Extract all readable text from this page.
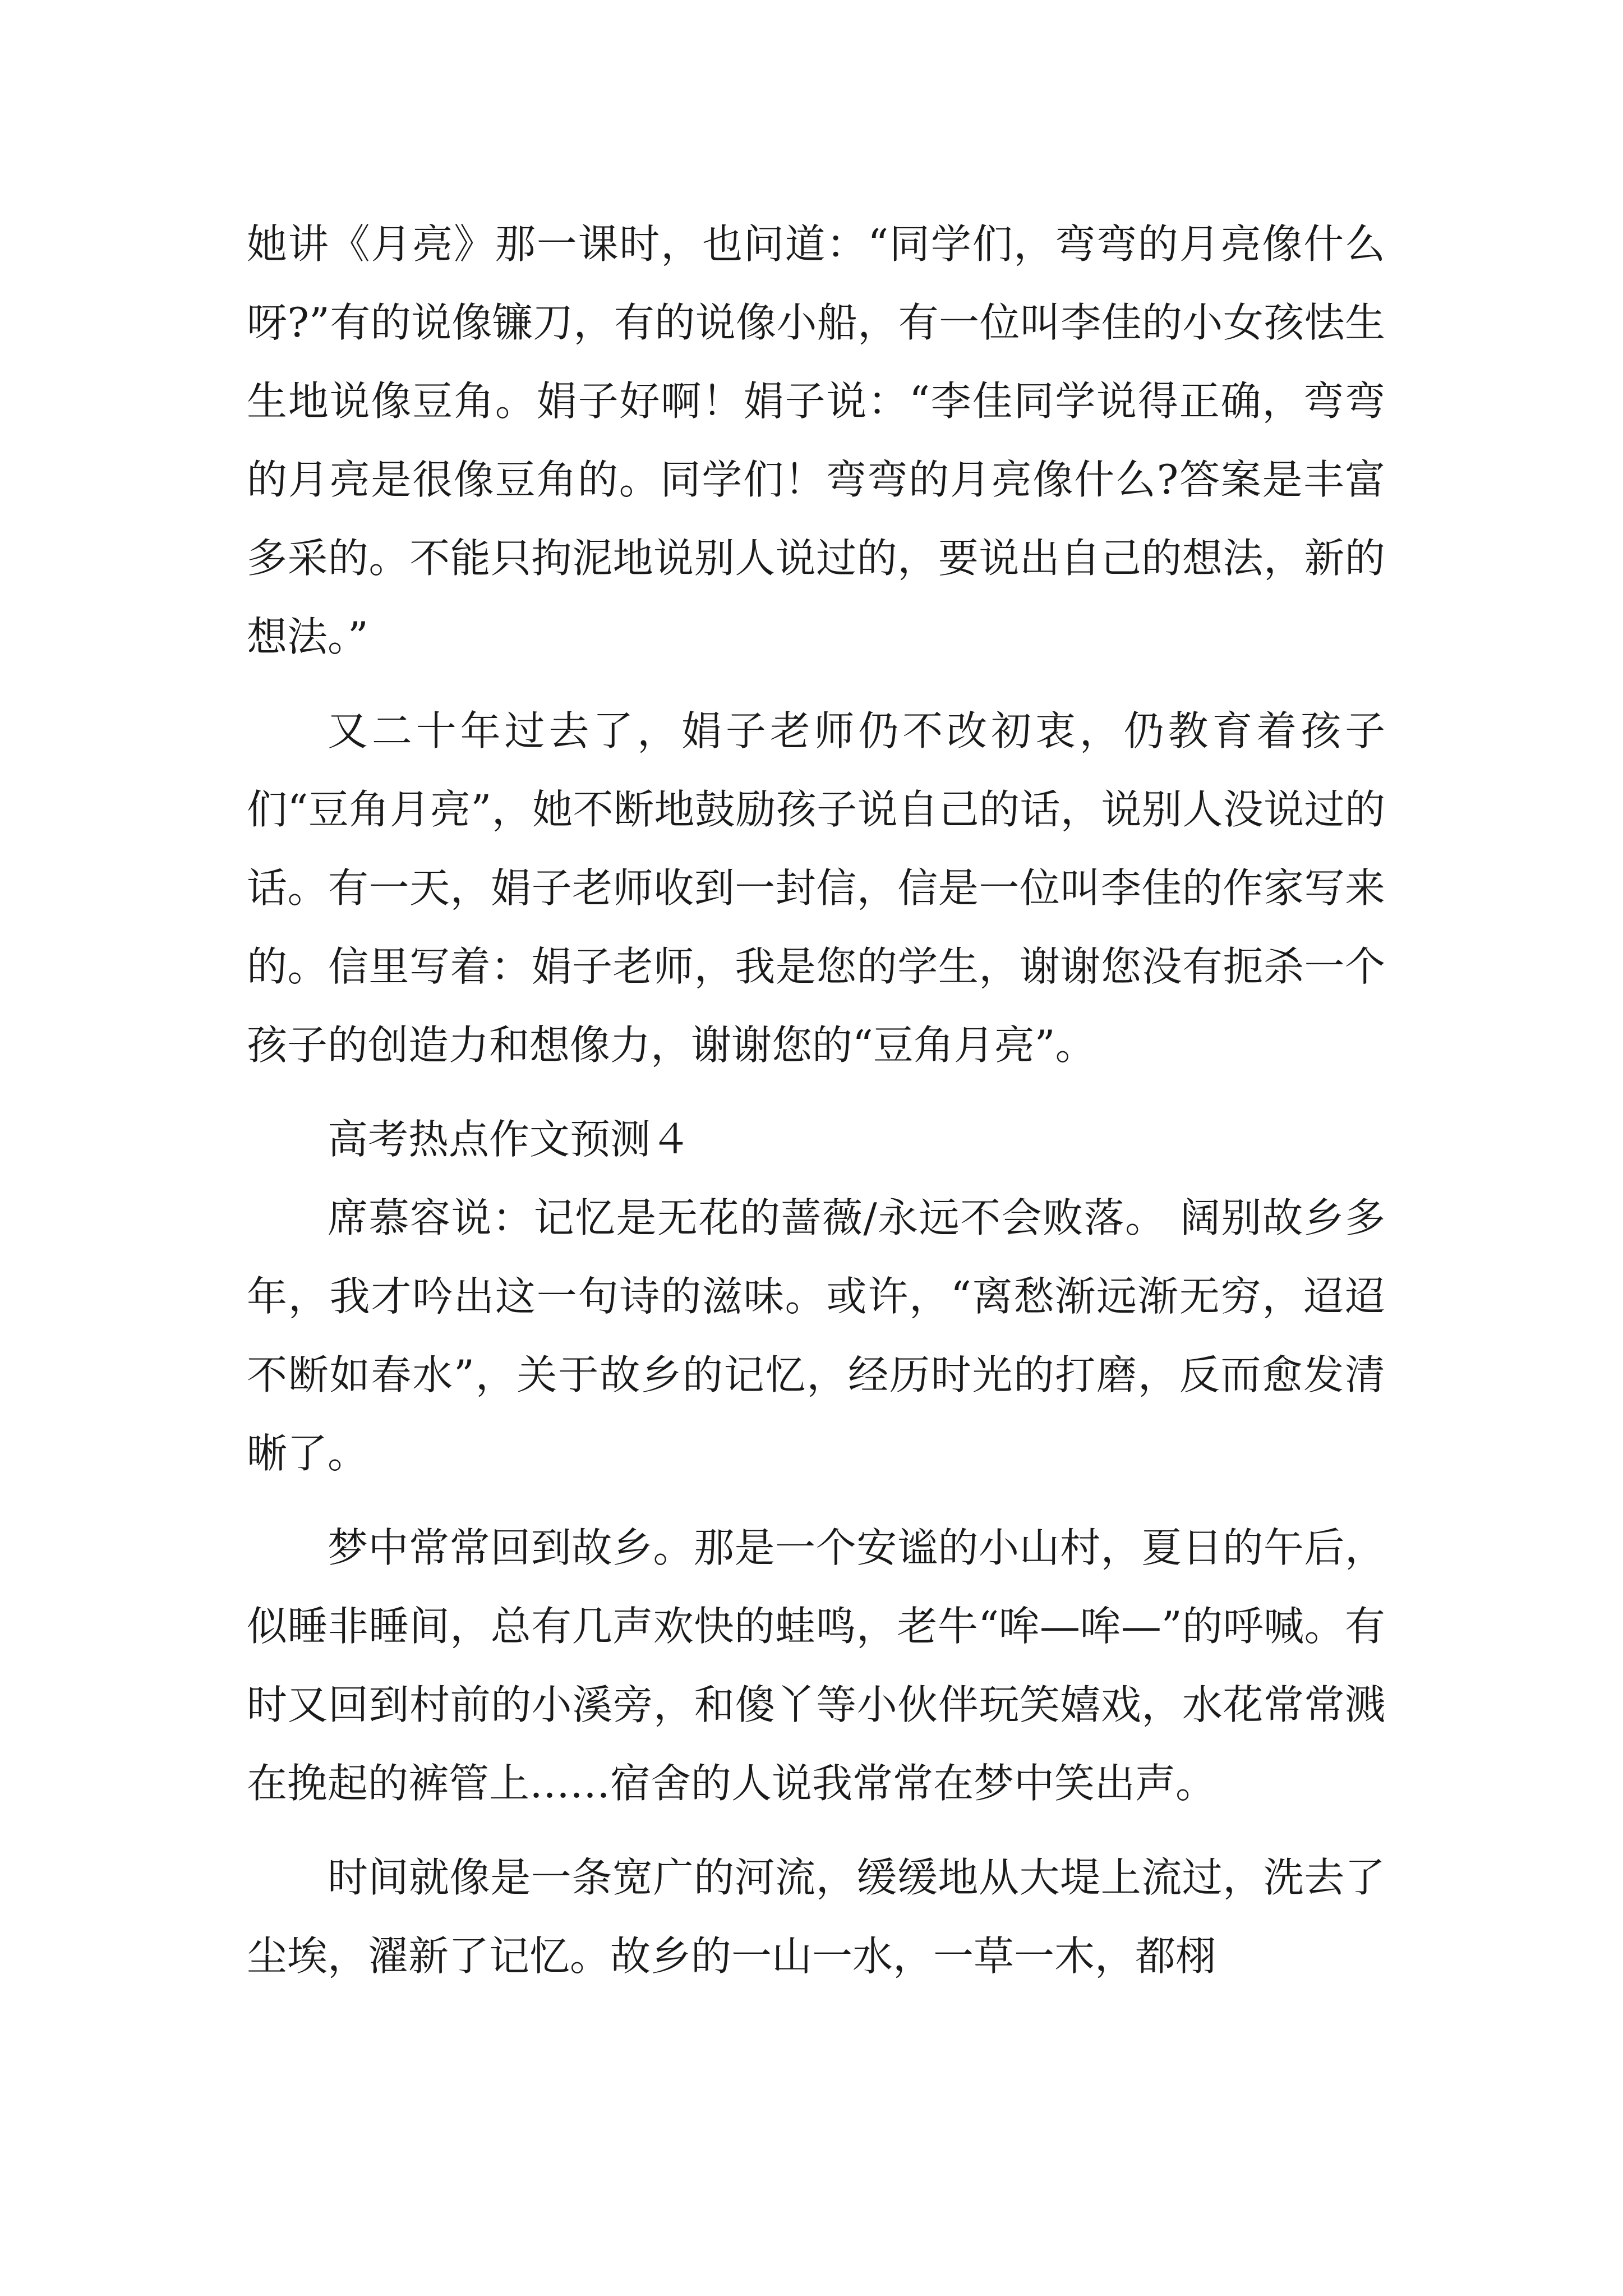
她讲《月亮》那一课时，也问道：“同学们，弯弯的月亮像什么呀?”有的说像镰刀，有的说像小船，有一位叫李佳的小女孩怯生生地说像豆角。娟子好啊！娟子说：“李佳同学说得正确，弯弯的月亮是很像豆角的。同学们！弯弯的月亮像什么?答案是丰富多采的。不能只拘泥地说别人说过的，要说出自己的想法，新的想法。”

又二十年过去了，娟子老师仍不改初衷，仍教育着孩子们“豆角月亮”，她不断地鼓励孩子说自己的话，说别人没说过的话。有一天，娟子老师收到一封信，信是一位叫李佳的作家写来的。信里写着：娟子老师，我是您的学生，谢谢您没有扼杀一个孩子的创造力和想像力，谢谢您的“豆角月亮”。

高考热点作文预测４

席慕容说：记忆是无花的蔷薇/永远不会败落。 阔别故乡多年，我才吟出这一句诗的滋味。或许，“离愁渐远渐无穷，迢迢不断如春水”，关于故乡的记忆，经历时光的打磨，反而愈发清晰了。

梦中常常回到故乡。那是一个安谧的小山村，夏日的午后，似睡非睡间，总有几声欢快的蛙鸣，老牛“哞—哞—”的呼喊。有时又回到村前的小溪旁，和傻丫等小伙伴玩笑嬉戏，水花常常溅在挽起的裤管上……宿舍的人说我常常在梦中笑出声。

时间就像是一条宽广的河流，缓缓地从大堤上流过，洗去了尘埃，濯新了记忆。故乡的一山一水，一草一木，都栩
